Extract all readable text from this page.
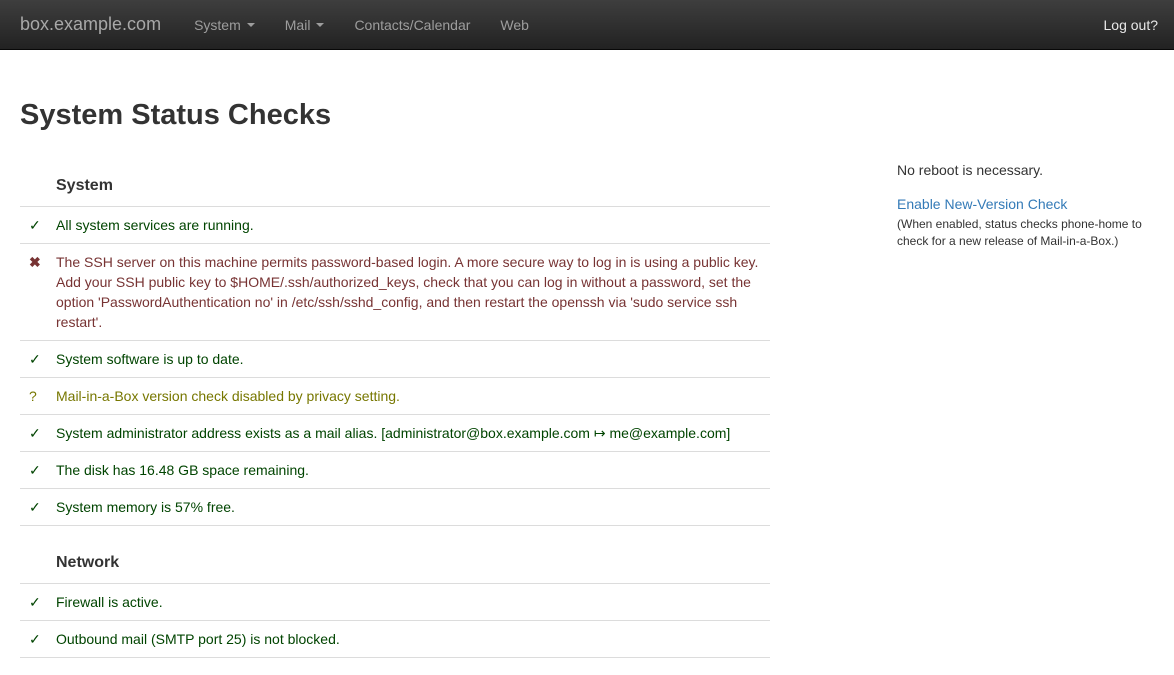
box.example.com System	Mail	Contacts/Calendar Web	Log out?
System Status Checks
System	
✓	All system services are running.
✖	The SSH server on this machine permits password-based login. A more secure way to log in is using a public key. Add your SSH public key to $HOME/.ssh/authorized_keys, check that you can log in without a password, set the option 'PasswordAuthentication no' in /etc/ssh/sshd_config, and then restart the openssh via 'sudo service ssh restart'.
✓	System software is up to date.
?	Mail-in-a-Box version check disabled by privacy setting.
✓	System administrator address exists as a mail alias. [administrator@box.example.com ↦ me@example.com]
✓	The disk has 16.48 GB space remaining.
✓	System memory is 57% free.
Network	
✓	Firewall is active.
✓	Outbound mail (SMTP port 25) is not blocked.

No reboot is necessary.

Enable New-Version Check
(When enabled, status checks phone-home to check for a new release of Mail-in-a-Box.)
